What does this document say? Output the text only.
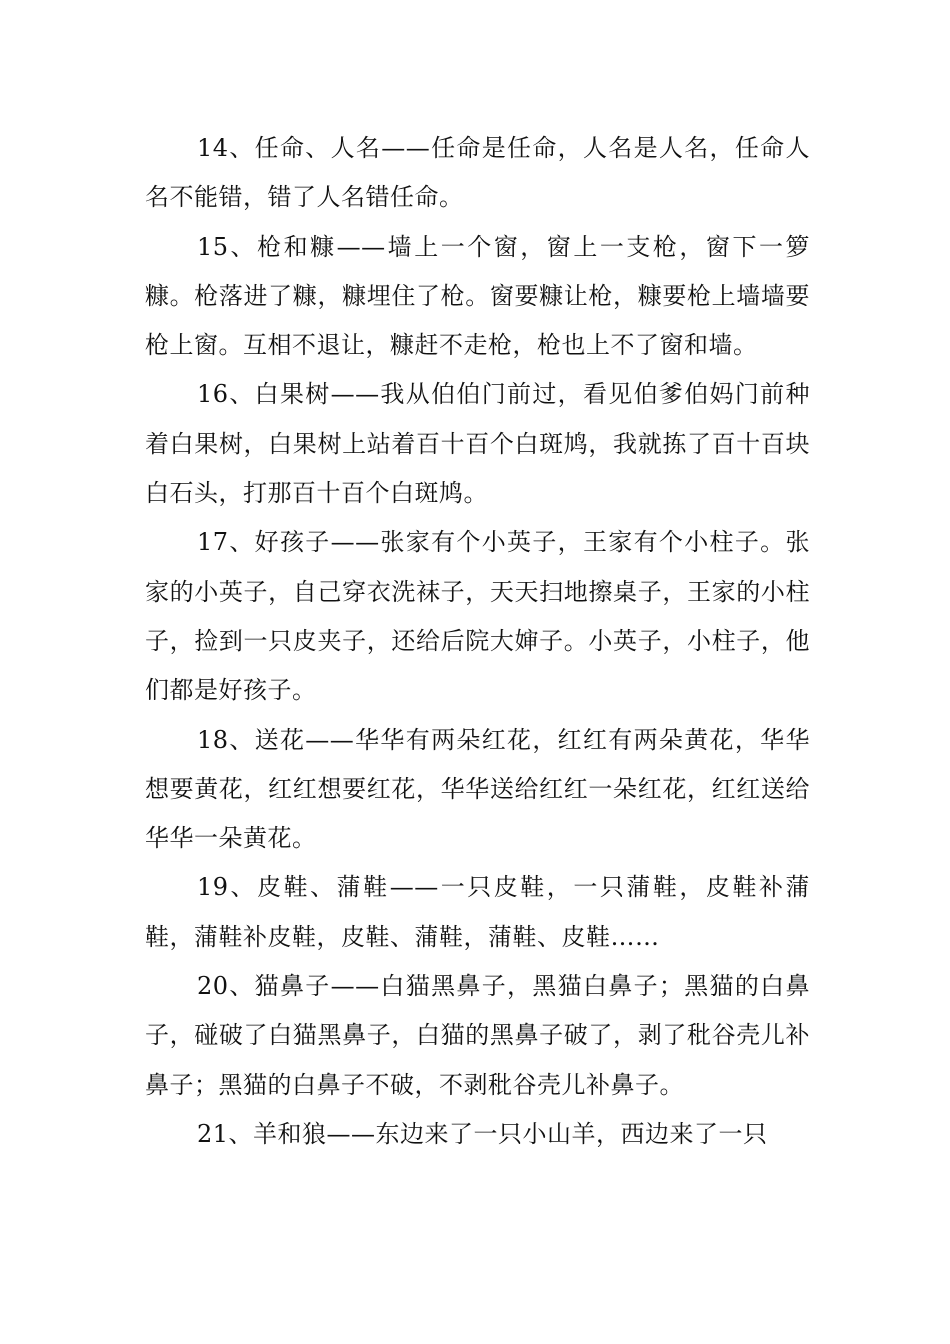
14、任命、人名——任命是任命，人名是人名，任命人名不能错，错了人名错任命。

15、枪和糠——墙上一个窗，窗上一支枪，窗下一箩糠。枪落进了糠，糠埋住了枪。窗要糠让枪，糠要枪上墙墙要枪上窗。互相不退让，糠赶不走枪，枪也上不了窗和墙。

16、白果树——我从伯伯门前过，看见伯爹伯妈门前种着白果树，白果树上站着百十百个白斑鸠，我就拣了百十百块白石头，打那百十百个白斑鸠。

17、好孩子——张家有个小英子，王家有个小柱子。张家的小英子，自己穿衣洗袜子，天天扫地擦桌子，王家的小柱子，捡到一只皮夹子，还给后院大婶子。小英子，小柱子，他们都是好孩子。

18、送花——华华有两朵红花，红红有两朵黄花，华华想要黄花，红红想要红花，华华送给红红一朵红花，红红送给华华一朵黄花。

19、皮鞋、蒲鞋——一只皮鞋，一只蒲鞋，皮鞋补蒲鞋，蒲鞋补皮鞋，皮鞋、蒲鞋，蒲鞋、皮鞋……

20、猫鼻子——白猫黑鼻子，黑猫白鼻子；黑猫的白鼻子，碰破了白猫黑鼻子，白猫的黑鼻子破了，剥了秕谷壳儿补鼻子；黑猫的白鼻子不破，不剥秕谷壳儿补鼻子。

21、羊和狼——东边来了一只小山羊，西边来了一只
